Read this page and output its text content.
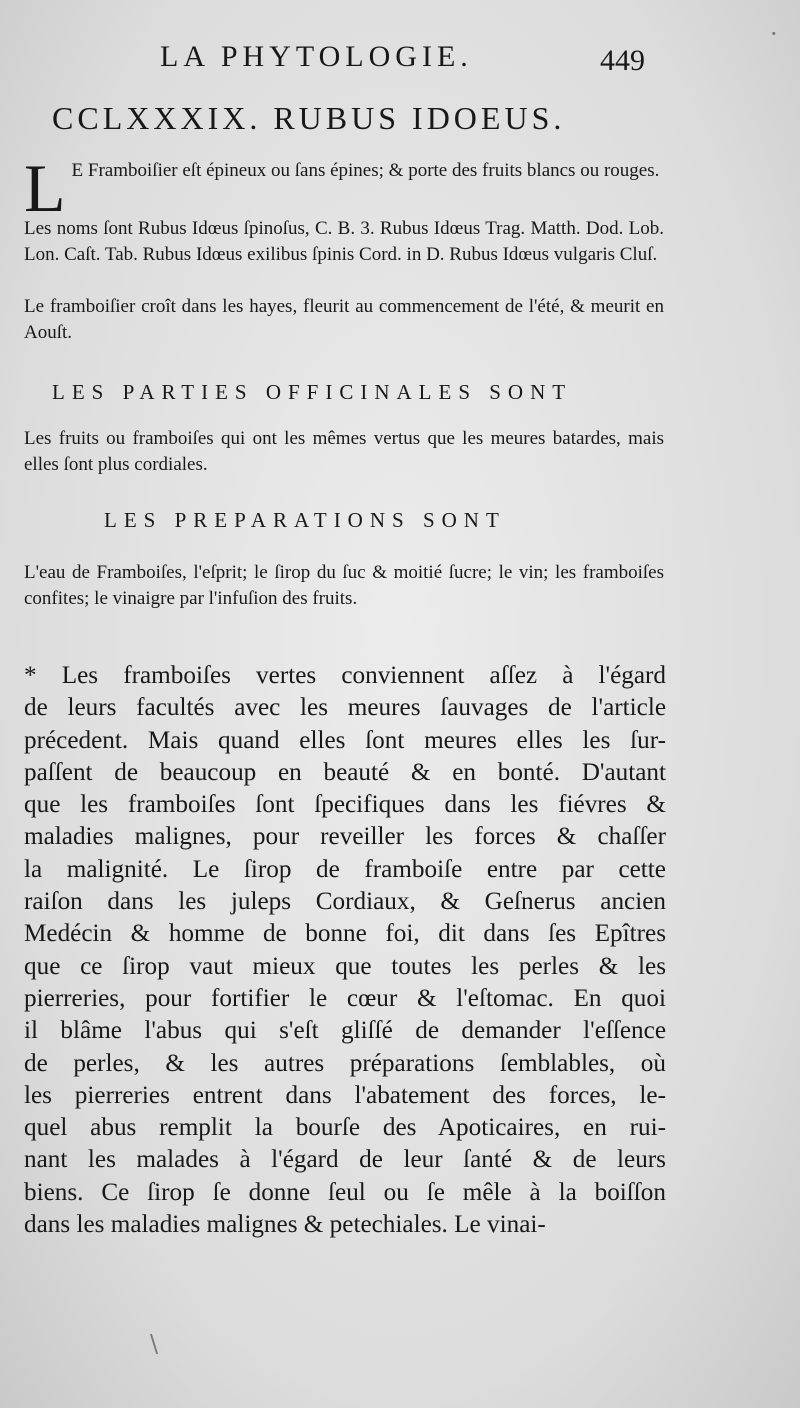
LA PHYTOLOGIE.	449
CCLXXXIX. RUBUS IDOEUS.
L E Framboiſier eſt épineux ou ſans épines; & porte des fruits blancs ou rouges.
Les noms ſont Rubus Idœus ſpinoſus, C. B. 3. Rubus Idœus Trag. Matth. Dod. Lob. Lon. Caſt. Tab. Rubus Idœus exilibus ſpinis Cord. in D. Rubus Idœus vulgaris Cluſ.
Le framboiſier croît dans les hayes, fleurit au commencement de l'été, & meurit en Aouſt.
LES PARTIES OFFICINALES SONT
Les fruits ou framboiſes qui ont les mêmes vertus que les meures batardes, mais elles ſont plus cordiales.
LES PREPARATIONS SONT
L'eau de Framboiſes, l'eſprit; le ſirop du ſuc & moitié ſucre; le vin; les framboiſes confites; le vinaigre par l'infuſion des fruits.
* Les framboiſes vertes conviennent aſſez à l'égard
de leurs facultés avec les meures ſauvages de l'article
précedent. Mais quand elles ſont meures elles les ſur-
paſſent de beaucoup en beauté & en bonté. D'autant
que les framboiſes ſont ſpecifiques dans les fiévres &
maladies malignes, pour reveiller les forces & chaſſer
la malignité. Le ſirop de framboiſe entre par cette
raiſon dans les juleps Cordiaux, & Geſnerus ancien
Medécin & homme de bonne foi, dit dans ſes Epîtres
que ce ſirop vaut mieux que toutes les perles & les
pierreries, pour fortifier le cœur & l'eſtomac. En quoi
il blâme l'abus qui s'eſt gliſſé de demander l'eſſence
de perles, & les autres préparations ſemblables, où
les pierreries entrent dans l'abatement des forces, le-
quel abus remplit la bourſe des Apoticaires, en rui-
nant les malades à l'égard de leur ſanté & de leurs
biens. Ce ſirop ſe donne ſeul ou ſe mêle à la boiſſon
dans les maladies malignes & petechiales. Le vinai-
·
\
